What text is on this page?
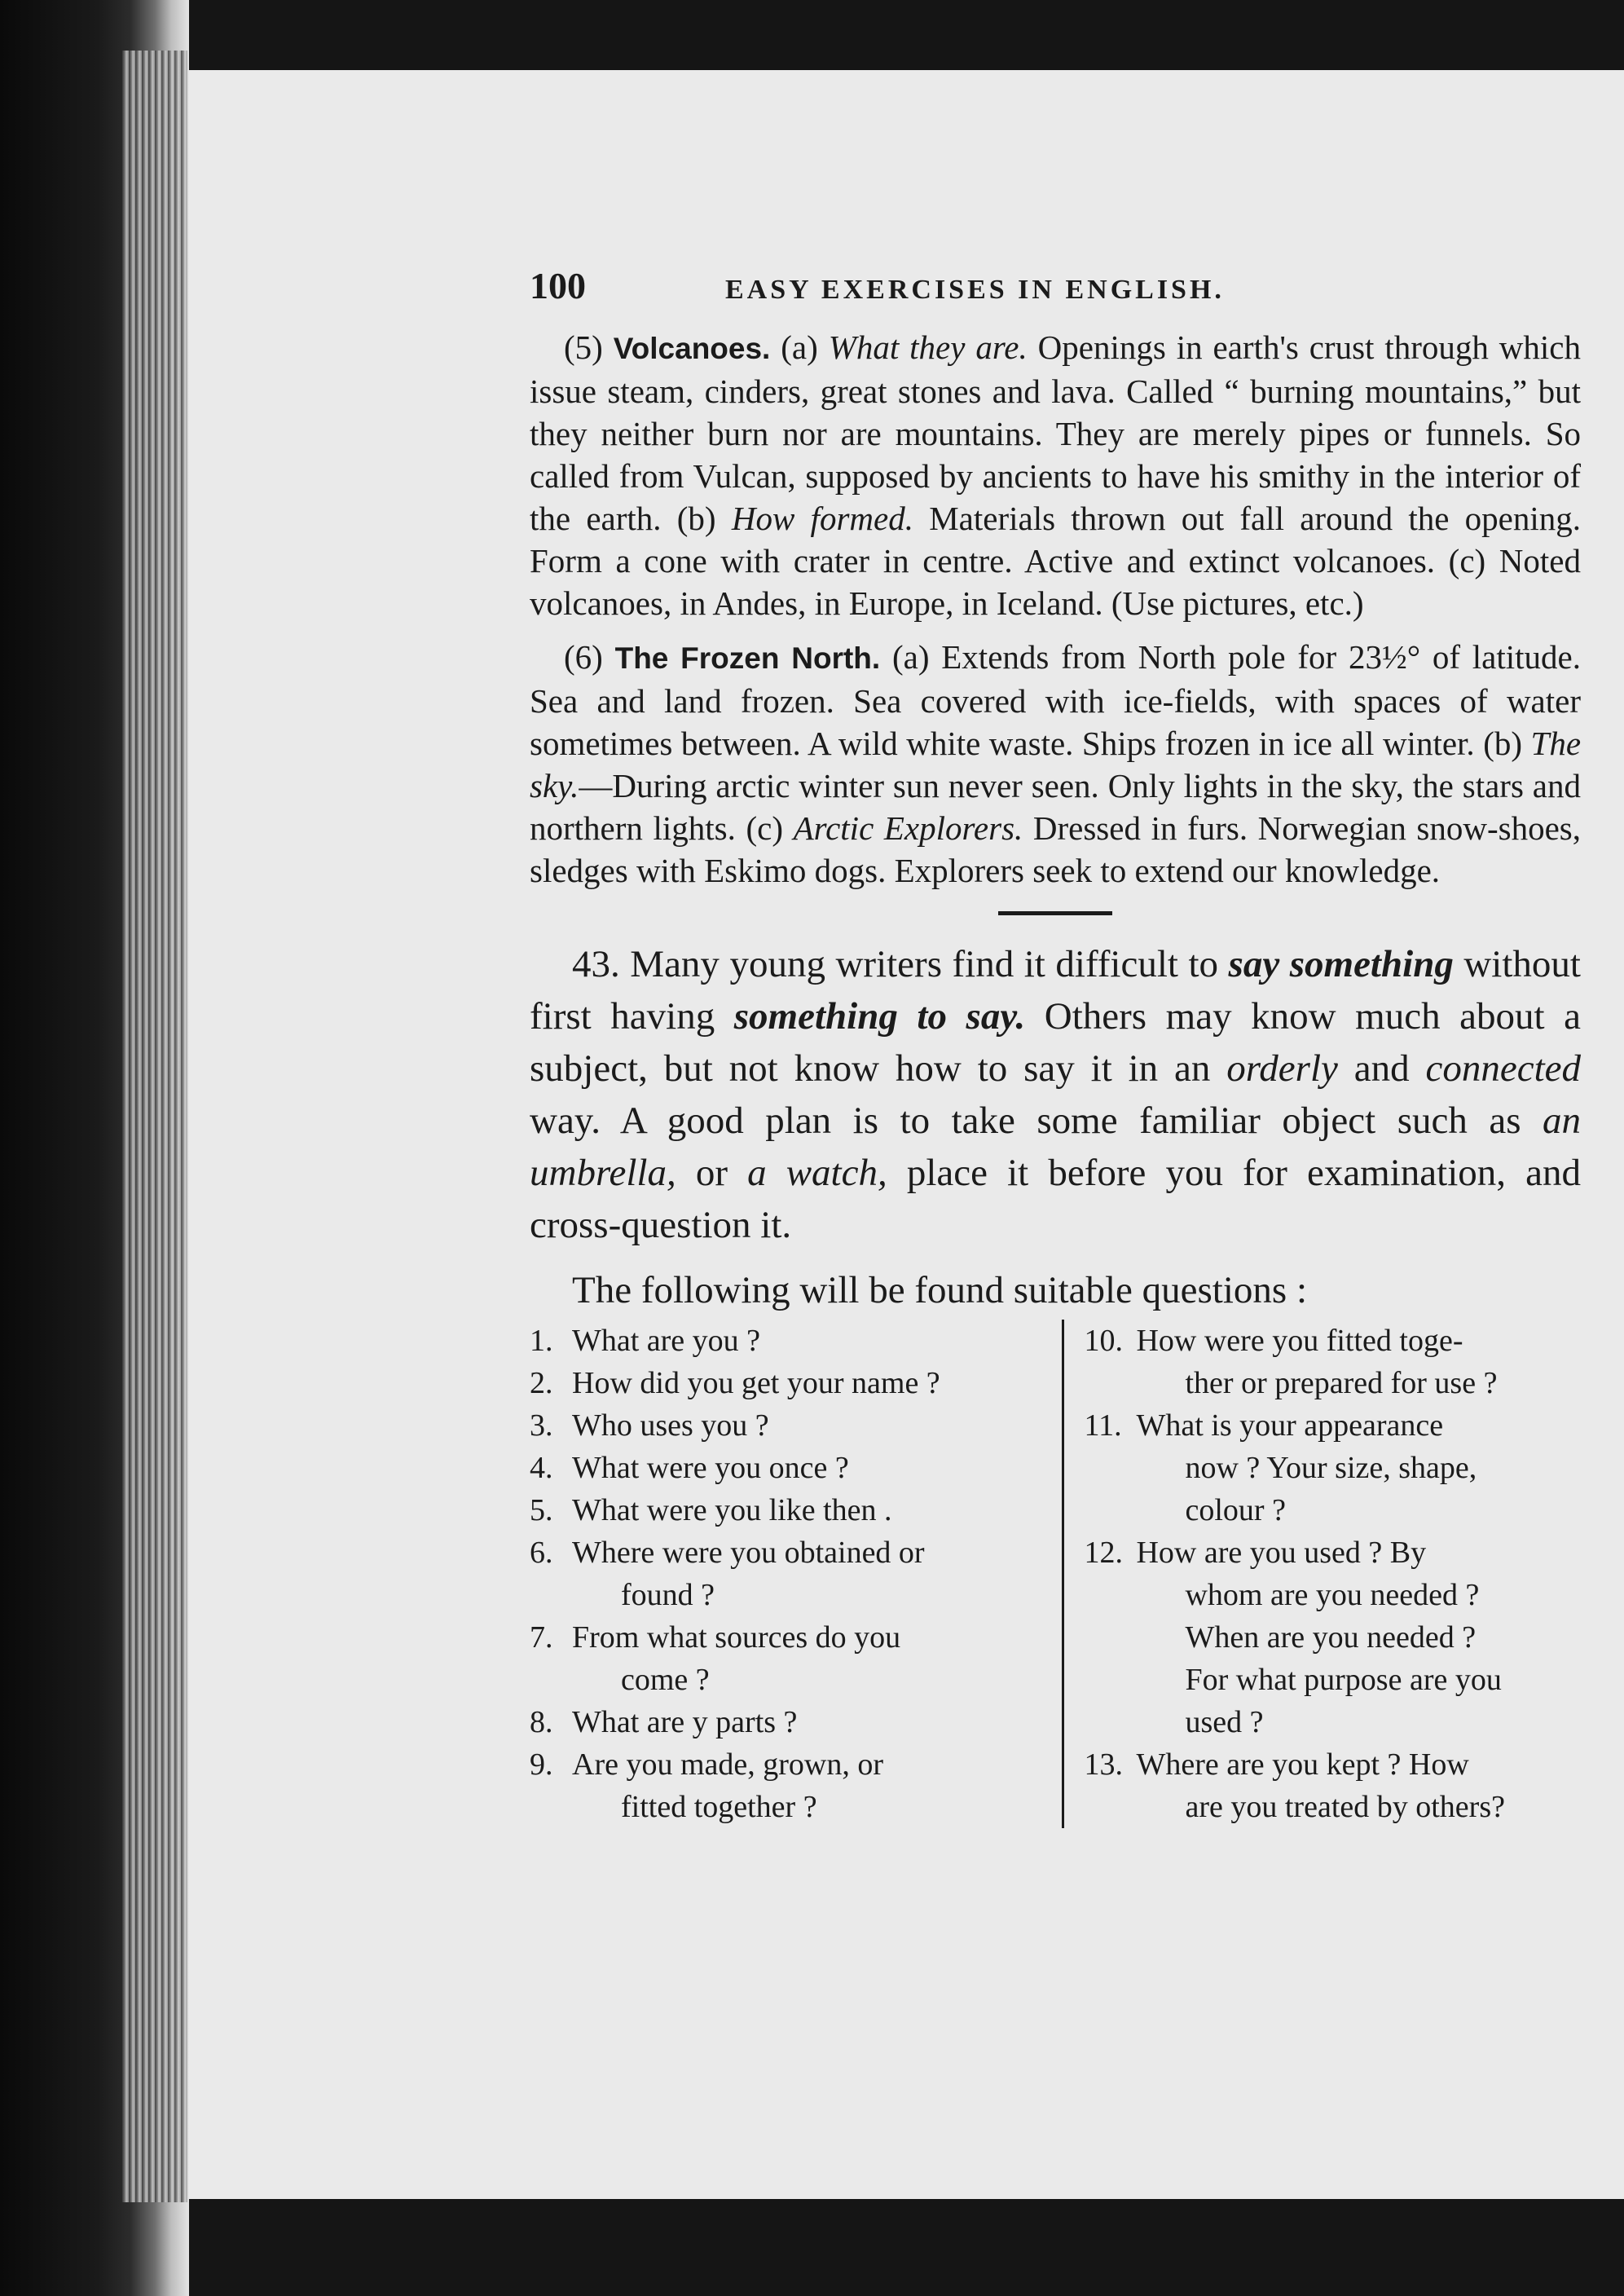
100	EASY EXERCISES IN ENGLISH.

(5) Volcanoes. (a) What they are. Openings in earth's crust through which issue steam, cinders, great stones and lava. Called “ burning mountains,” but they neither burn nor are mountains. They are merely pipes or funnels. So called from Vulcan, supposed by ancients to have his smithy in the interior of the earth. (b) How formed. Materials thrown out fall around the opening. Form a cone with crater in centre. Active and extinct volcanoes. (c) Noted volcanoes, in Andes, in Europe, in Iceland. (Use pictures, etc.)

(6) The Frozen North. (a) Extends from North pole for 23½° of latitude. Sea and land frozen. Sea covered with ice-fields, with spaces of water sometimes between. A wild white waste. Ships frozen in ice all winter. (b) The sky.—During arctic winter sun never seen. Only lights in the sky, the stars and northern lights. (c) Arctic Explorers. Dressed in furs. Norwegian snow-shoes, sledges with Eskimo dogs. Explorers seek to extend our knowledge.

43. Many young writers find it difficult to say something without first having something to say. Others may know much about a subject, but not know how to say it in an orderly and connected way. A good plan is to take some familiar object such as an umbrella, or a watch, place it before you for examination, and cross-question it.

The following will be found suitable questions :

1. What are you ?
2. How did you get your name ?
3. Who uses you ?
4. What were you once ?
5. What were you like then .
6. Where were you obtained or
found ?
7. From what sources do you
come ?
8. What are y parts ?
9. Are you made, grown, or
fitted together ?
10. How were you fitted toge-
ther or prepared for use ?
11. What is your appearance
now ? Your size, shape,
colour ?
12. How are you used ? By
whom are you needed ?
When are you needed ?
For what purpose are you
used ?
13. Where are you kept ? How
are you treated by others?
